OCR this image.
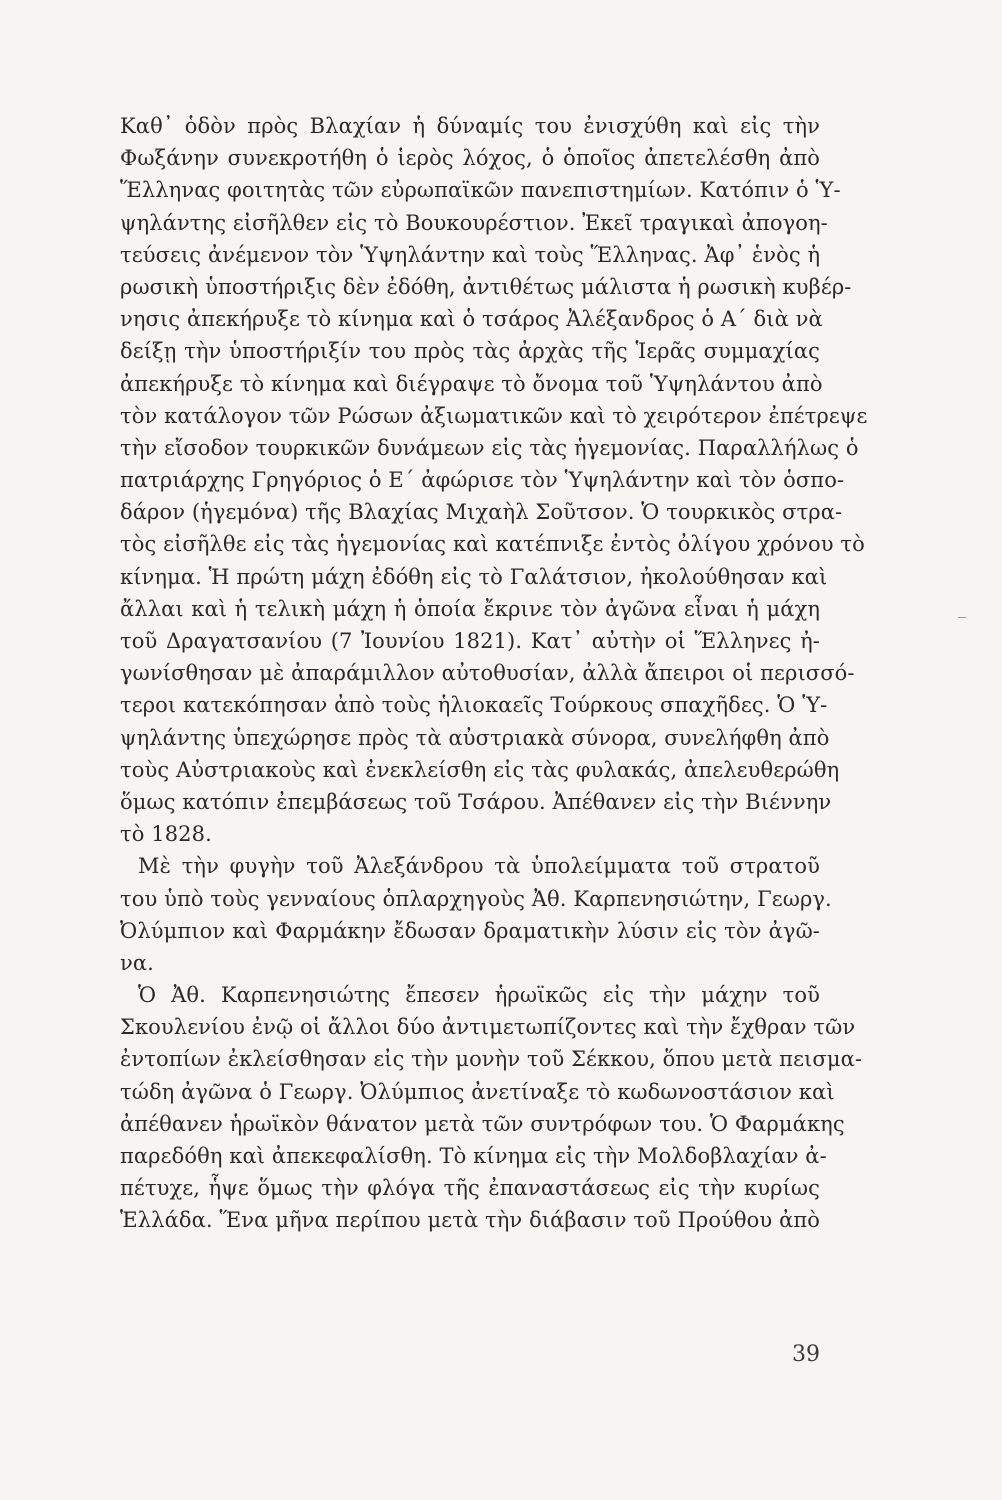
Καθ᾽ ὁδὸν πρὸς Βλαχίαν ἡ δύναμίς του ἐνισχύθη καὶ εἰς τὴν
Φωξάνην συνεκροτήθη ὁ ἱερὸς λόχος, ὁ ὁποῖος ἀπετελέσθη ἀπὸ
Ἕλληνας φοιτητὰς τῶν εὐρωπαϊκῶν πανεπιστημίων. Κατόπιν ὁ Ὑ-
ψηλάντης εἰσῆλθεν εἰς τὸ Βουκουρέστιον. Ἐκεῖ τραγικαὶ ἀπογοη-
τεύσεις ἀνέμενον τὸν Ὑψηλάντην καὶ τοὺς Ἕλληνας. Ἀφ᾽ ἑνὸς ἡ
ρωσικὴ ὑποστήριξις δὲν ἐδόθη, ἀντιθέτως μάλιστα ἡ ρωσικὴ κυβέρ-
νησις ἀπεκήρυξε τὸ κίνημα καὶ ὁ τσάρος Ἀλέξανδρος ὁ Α΄ διὰ νὰ
δείξῃ τὴν ὑποστήριξίν του πρὸς τὰς ἀρχὰς τῆς Ἱερᾶς συμμαχίας
ἀπεκήρυξε τὸ κίνημα καὶ διέγραψε τὸ ὄνομα τοῦ Ὑψηλάντου ἀπὸ
τὸν κατάλογον τῶν Ρώσων ἀξιωματικῶν καὶ τὸ χειρότερον ἐπέτρεψε
τὴν εἴσοδον τουρκικῶν δυνάμεων εἰς τὰς ἡγεμονίας. Παραλλήλως ὁ
πατριάρχης Γρηγόριος ὁ Ε΄ ἀφώρισε τὸν Ὑψηλάντην καὶ τὸν ὁσπο-
δάρον (ἡγεμόνα) τῆς Βλαχίας Μιχαὴλ Σοῦτσον. Ὁ τουρκικὸς στρα-
τὸς εἰσῆλθε εἰς τὰς ἡγεμονίας καὶ κατέπνιξε ἐντὸς ὀλίγου χρόνου τὸ
κίνημα. Ἡ πρώτη μάχη ἐδόθη εἰς τὸ Γαλάτσιον, ἠκολούθησαν καὶ
ἄλλαι καὶ ἡ τελικὴ μάχη ἡ ὁποία ἔκρινε τὸν ἀγῶνα εἶναι ἡ μάχη
τοῦ Δραγατσανίου (7 Ἰουνίου 1821). Κατ᾽ αὐτὴν οἱ Ἕλληνες ἠ-
γωνίσθησαν μὲ ἀπαράμιλλον αὐτοθυσίαν, ἀλλὰ ἄπειροι οἱ περισσό-
τεροι κατεκόπησαν ἀπὸ τοὺς ἡλιοκαεῖς Τούρκους σπαχῆδες. Ὁ Ὑ-
ψηλάντης ὑπεχώρησε πρὸς τὰ αὐστριακὰ σύνορα, συνελήφθη ἀπὸ
τοὺς Αὐστριακοὺς καὶ ἐνεκλείσθη εἰς τὰς φυλακάς, ἀπελευθερώθη
ὅμως κατόπιν ἐπεμβάσεως τοῦ Τσάρου. Ἀπέθανεν εἰς τὴν Βιέννην
τὸ 1828.
Μὲ τὴν φυγὴν τοῦ Ἀλεξάνδρου τὰ ὑπολείμματα τοῦ στρατοῦ
του ὑπὸ τοὺς γενναίους ὁπλαρχηγοὺς Ἀθ. Καρπενησιώτην, Γεωργ.
Ὀλύμπιον καὶ Φαρμάκην ἔδωσαν δραματικὴν λύσιν εἰς τὸν ἀγῶ-
να.
Ὁ Ἀθ. Καρπενησιώτης ἔπεσεν ἡρωϊκῶς εἰς τὴν μάχην τοῦ
Σκουλενίου ἐνῷ οἱ ἄλλοι δύο ἀντιμετωπίζοντες καὶ τὴν ἔχθραν τῶν
ἐντοπίων ἐκλείσθησαν εἰς τὴν μονὴν τοῦ Σέκκου, ὅπου μετὰ πεισμα-
τώδη ἀγῶνα ὁ Γεωργ. Ὀλύμπιος ἀνετίναξε τὸ κωδωνοστάσιον καὶ
ἀπέθανεν ἡρωϊκὸν θάνατον μετὰ τῶν συντρόφων του. Ὁ Φαρμάκης
παρεδόθη καὶ ἀπεκεφαλίσθη. Τὸ κίνημα εἰς τὴν Μολδοβλαχίαν ἀ-
πέτυχε, ἧψε ὅμως τὴν φλόγα τῆς ἐπαναστάσεως εἰς τὴν κυρίως
Ἑλλάδα. Ἕνα μῆνα περίπου μετὰ τὴν διάβασιν τοῦ Προύθου ἀπὸ
39
